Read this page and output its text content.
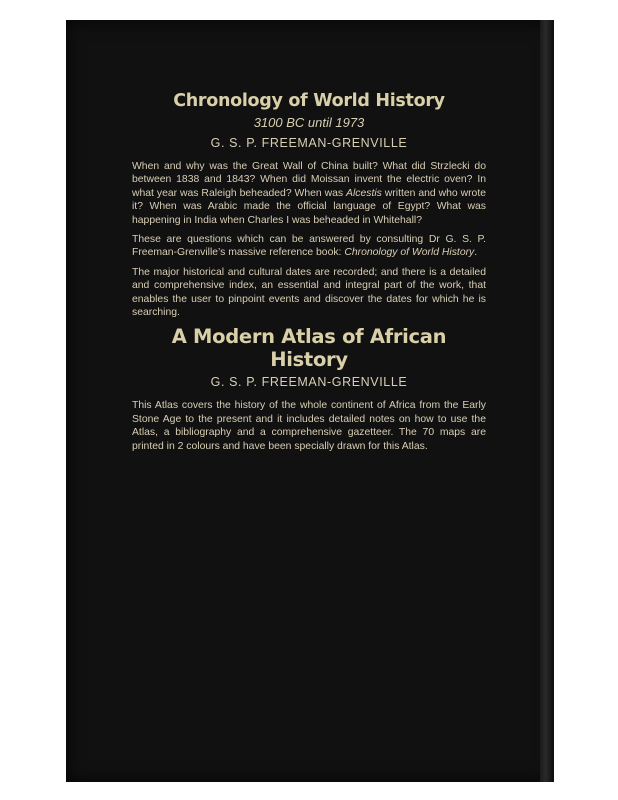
Chronology of World History

3100 BC until 1973

G. S. P. FREEMAN-GRENVILLE

When and why was the Great Wall of China built? What did Strzlecki do between 1838 and 1843? When did Moissan invent the electric oven? In what year was Raleigh beheaded? When was Alcestis written and who wrote it? When was Arabic made the official language of Egypt? What was happening in India when Charles I was beheaded in Whitehall?

These are questions which can be answered by consulting Dr G. S. P. Freeman-Grenville’s massive reference book: Chronology of World History.

The major historical and cultural dates are recorded; and there is a detailed and comprehensive index, an essential and integral part of the work, that enables the user to pinpoint events and discover the dates for which he is searching.

A Modern Atlas of African
History

G. S. P. FREEMAN-GRENVILLE

This Atlas covers the history of the whole continent of Africa from the Early Stone Age to the present and it includes detailed notes on how to use the Atlas, a bibliography and a comprehensive gazetteer. The 70 maps are printed in 2 colours and have been specially drawn for this Atlas.
